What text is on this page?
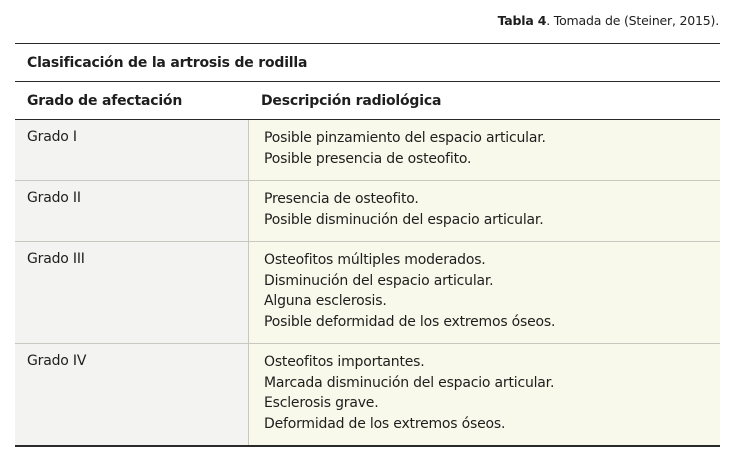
Tabla 4. Tomada de (Steiner, 2015).
Clasificación de la artrosis de rodilla
Grado de afectación	Descripción radiológica
Grado I	Posible pinzamiento del espacio articular.
Posible presencia de osteofito.
Grado II	Presencia de osteofito.
Posible disminución del espacio articular.
Grado III	Osteofitos múltiples moderados.
Disminución del espacio articular.
Alguna esclerosis.
Posible deformidad de los extremos óseos.
Grado IV	Osteofitos importantes.
Marcada disminución del espacio articular.
Esclerosis grave.
Deformidad de los extremos óseos.
